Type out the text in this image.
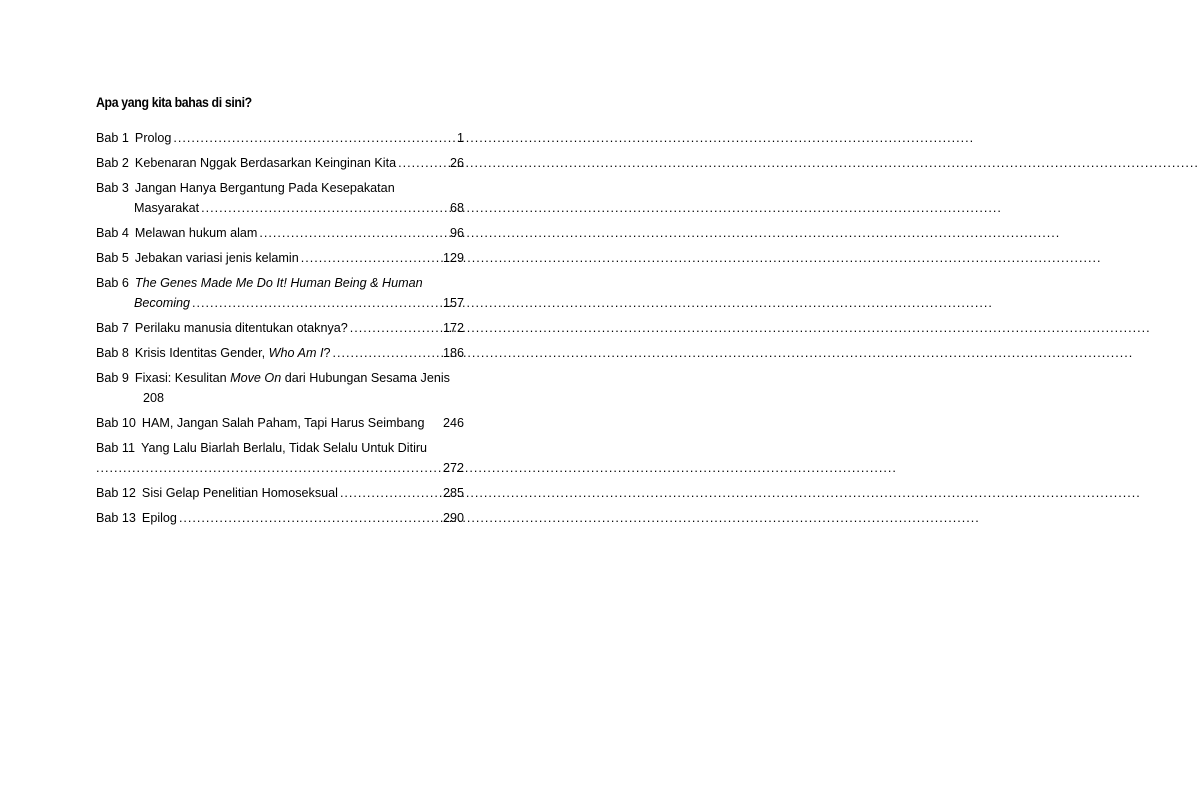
Apa yang kita bahas di sini?
Bab 1 Prolog .....	1
Bab 2 Kebenaran Nggak Berdasarkan Keinginan Kita .....	26
Bab 3 Jangan Hanya Bergantung Pada Kesepakatan
Masyarakat .....	68
Bab 4 Melawan hukum alam .....	96
Bab 5 Jebakan variasi jenis kelamin .....	129
Bab 6 The Genes Made Me Do It! Human Being & Human
Becoming .....	157
Bab 7 Perilaku manusia ditentukan otaknya? .....	172
Bab 8 Krisis Identitas Gender, Who Am I? .....	186
Bab 9 Fixasi: Kesulitan Move On dari Hubungan Sesama Jenis
208
Bab 10 HAM, Jangan Salah Paham, Tapi Harus Seimbang 246
Bab 11 Yang Lalu Biarlah Berlalu, Tidak Selalu Untuk Ditiru
.....
272
Bab 12 Sisi Gelap Penelitian Homoseksual .....	285
Bab 13 Epilog .....	290
